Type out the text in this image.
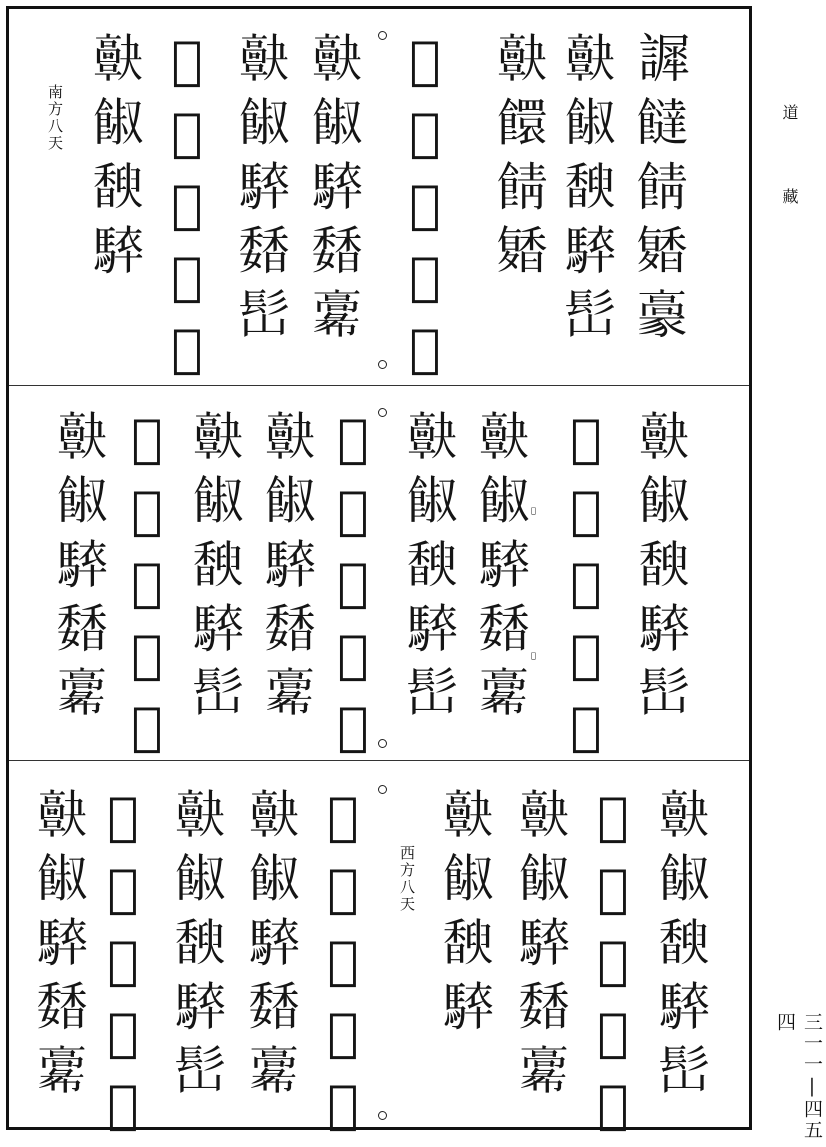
南方八天	䜄𩟐𩜎𩡑𩫕
𩫠𩜂𩡃𩣰𩫺
𩫠𩟁𩜎𩡑
𩫟𩠑𩜎𩣰𩫣
𩫠𩜂𩣰𩡊𩫚
𩫠𩜂𩣰𩡊𩫺
𩫟𩠑𩜎𩣰𩫣
𩫠𩜂𩡃𩣰
𩫠𩜂𩡃𩣰𩫺
𩫟𩠑𩜎𩣰𩫣
𩫠𩜂𩣰𩡊𩫚
𩫠𩜂𩡃𩣰𩫺
𩫟𩠑𩜎𩣰𩫣
𩫠𩜂𩣰𩡊𩫚
𩫠𩜂𩡃𩣰𩫺
𩫟𩠑𩜎𩣰𩫣
𩫠𩜂𩣰𩡊𩫚	𩫢
𩫣
西方八天	𩫠𩜂𩡃𩣰𩫺
𩫟𩠑𩜎𩣰𩫣
𩫠𩜂𩣰𩡊𩫚
𩫠𩜂𩡃𩣰
𩫟𩠑𩜎𩣰𩫣
𩫠𩜂𩣰𩡊𩫚
𩫠𩜂𩡃𩣰𩫺
𩫟𩠑𩜎𩣰𩫣
𩫠𩜂𩣰𩡊𩫚
道
藏
三一一|四五四
